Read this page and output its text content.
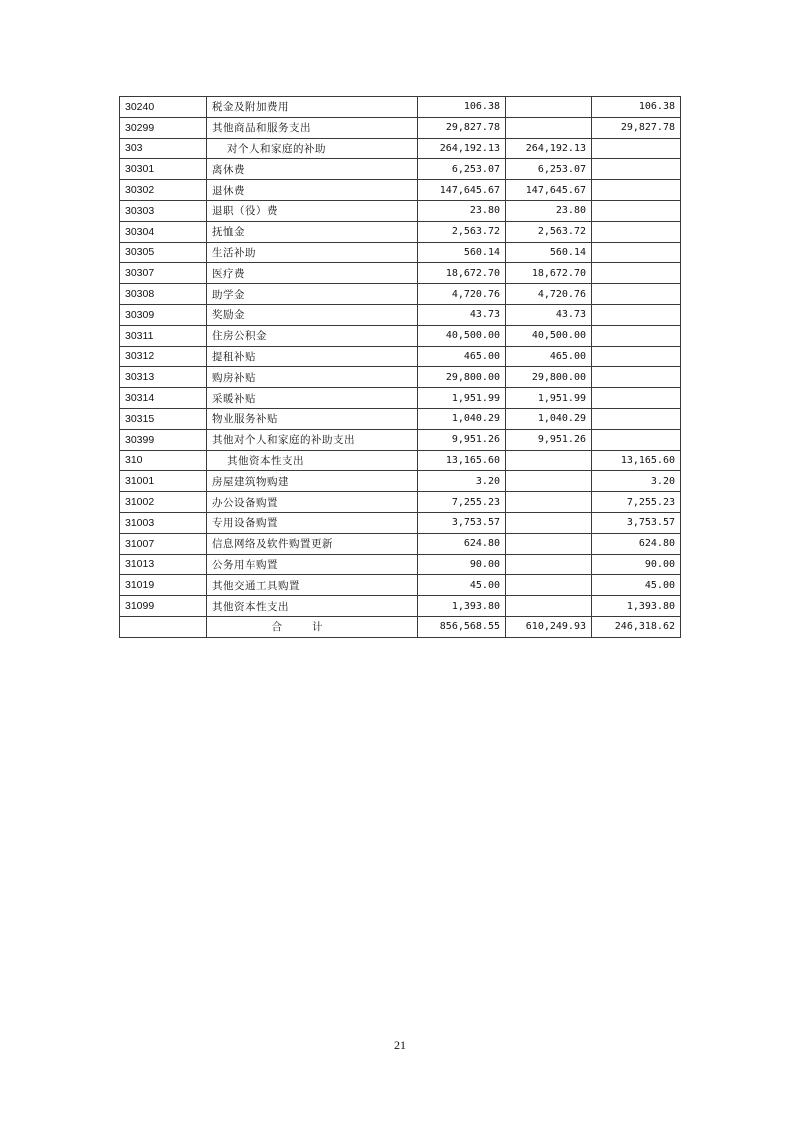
30240	税金及附加费用	106.38		106.38
30299	其他商品和服务支出	29,827.78		29,827.78
303	对个人和家庭的补助	264,192.13	264,192.13	
30301	离休费	6,253.07	6,253.07	
30302	退休费	147,645.67	147,645.67	
30303	退职（役）费	23.80	23.80	
30304	抚恤金	2,563.72	2,563.72	
30305	生活补助	560.14	560.14	
30307	医疗费	18,672.70	18,672.70	
30308	助学金	4,720.76	4,720.76	
30309	奖励金	43.73	43.73	
30311	住房公积金	40,500.00	40,500.00	
30312	提租补贴	465.00	465.00	
30313	购房补贴	29,800.00	29,800.00	
30314	采暖补贴	1,951.99	1,951.99	
30315	物业服务补贴	1,040.29	1,040.29	
30399	其他对个人和家庭的补助支出	9,951.26	9,951.26	
310	其他资本性支出	13,165.60		13,165.60
31001	房屋建筑物购建	3.20		3.20
31002	办公设备购置	7,255.23		7,255.23
31003	专用设备购置	3,753.57		3,753.57
31007	信息网络及软件购置更新	624.80		624.80
31013	公务用车购置	90.00		90.00
31019	其他交通工具购置	45.00		45.00
31099	其他资本性支出	1,393.80		1,393.80
	合计	856,568.55	610,249.93	246,318.62
21
